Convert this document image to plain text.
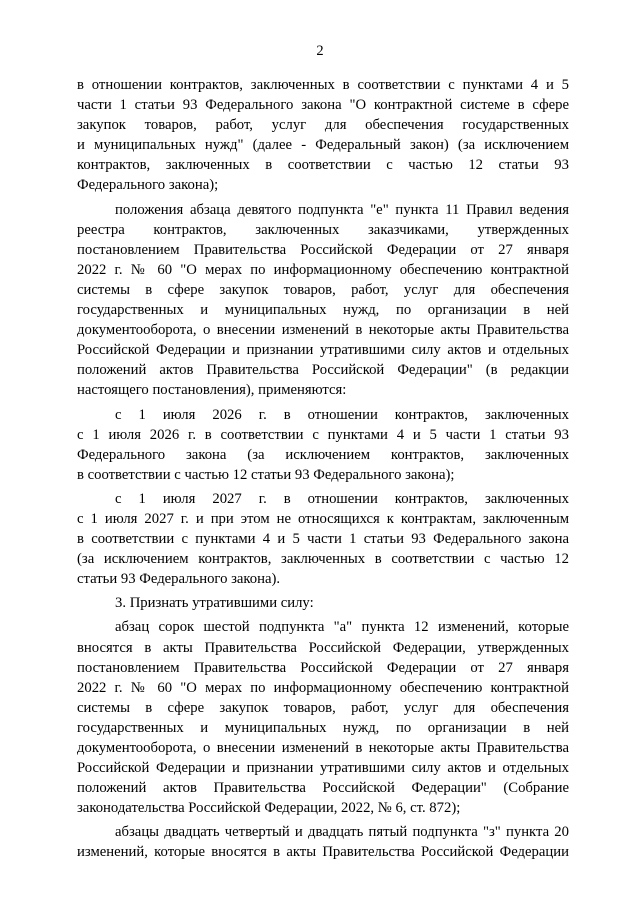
2
в отношении контрактов, заключенных в соответствии с пунктами 4 и 5
части 1 статьи 93 Федерального закона "О контрактной системе в сфере
закупок товаров, работ, услуг для обеспечения государственных
и муниципальных нужд" (далее - Федеральный закон) (за исключением
контрактов, заключенных в соответствии с частью 12 статьи 93
Федерального закона);
положения абзаца девятого подпункта "е" пункта 11 Правил ведения
реестра контрактов, заключенных заказчиками, утвержденных
постановлением Правительства Российской Федерации от 27 января
2022 г. № 60 "О мерах по информационному обеспечению контрактной
системы в сфере закупок товаров, работ, услуг для обеспечения
государственных и муниципальных нужд, по организации в ней
документооборота, о внесении изменений в некоторые акты Правительства
Российской Федерации и признании утратившими силу актов и отдельных
положений актов Правительства Российской Федерации" (в редакции
настоящего постановления), применяются:
с 1 июля 2026 г. в отношении контрактов, заключенных
с 1 июля 2026 г. в соответствии с пунктами 4 и 5 части 1 статьи 93
Федерального закона (за исключением контрактов, заключенных
в соответствии с частью 12 статьи 93 Федерального закона);
с 1 июля 2027 г. в отношении контрактов, заключенных
с 1 июля 2027 г. и при этом не относящихся к контрактам, заключенным
в соответствии с пунктами 4 и 5 части 1 статьи 93 Федерального закона
(за исключением контрактов, заключенных в соответствии с частью 12
статьи 93 Федерального закона).
3. Признать утратившими силу:
абзац сорок шестой подпункта "а" пункта 12 изменений, которые
вносятся в акты Правительства Российской Федерации, утвержденных
постановлением Правительства Российской Федерации от 27 января
2022 г. № 60 "О мерах по информационному обеспечению контрактной
системы в сфере закупок товаров, работ, услуг для обеспечения
государственных и муниципальных нужд, по организации в ней
документооборота, о внесении изменений в некоторые акты Правительства
Российской Федерации и признании утратившими силу актов и отдельных
положений актов Правительства Российской Федерации" (Собрание
законодательства Российской Федерации, 2022, № 6, ст. 872);
абзацы двадцать четвертый и двадцать пятый подпункта "з" пункта 20
изменений, которые вносятся в акты Правительства Российской Федерации
